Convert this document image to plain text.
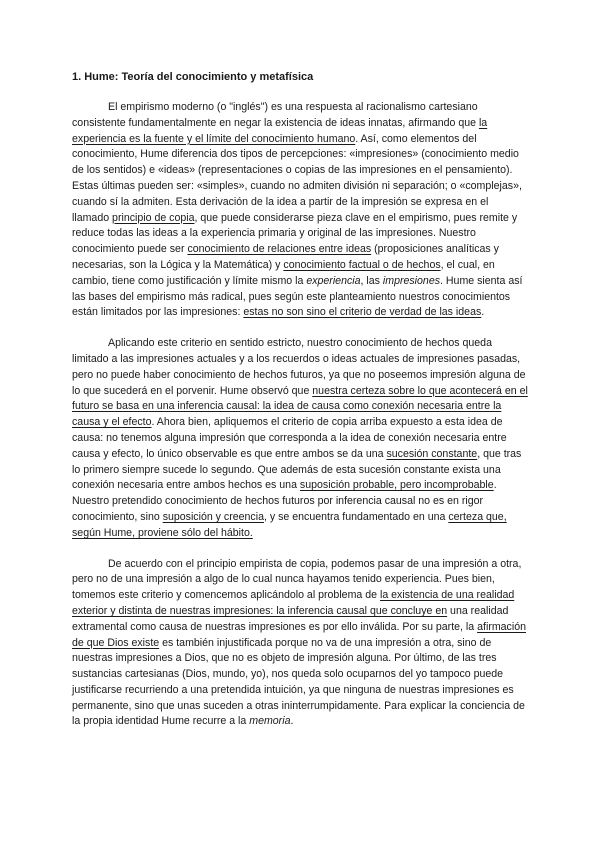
1. Hume: Teoría del conocimiento y metafísica

El empirismo moderno (o "inglés") es una respuesta al racionalismo cartesiano consistente fundamentalmente en negar la existencia de ideas innatas, afirmando que la experiencia es la fuente y el límite del conocimiento humano. Así, como elementos del conocimiento, Hume diferencia dos tipos de percepciones: «impresiones» (conocimiento medio de los sentidos) e «ideas» (representaciones o copias de las impresiones en el pensamiento). Estas últimas pueden ser: «simples», cuando no admiten división ni separación; o «complejas», cuando sí la admiten. Esta derivación de la idea a partir de la impresión se expresa en el llamado principio de copia, que puede considerarse pieza clave en el empirismo, pues remite y reduce todas las ideas a la experiencia primaria y original de las impresiones. Nuestro conocimiento puede ser conocimiento de relaciones entre ideas (proposiciones analíticas y necesarias, son la Lógica y la Matemática) y conocimiento factual o de hechos, el cual, en cambio, tiene como justificación y límite mismo la experiencia, las impresiones. Hume sienta así las bases del empirismo más radical, pues según este planteamiento nuestros conocimientos están limitados por las impresiones: estas no son sino el criterio de verdad de las ideas.

Aplicando este criterio en sentido estricto, nuestro conocimiento de hechos queda limitado a las impresiones actuales y a los recuerdos o ideas actuales de impresiones pasadas, pero no puede haber conocimiento de hechos futuros, ya que no poseemos impresión alguna de lo que sucederá en el porvenir. Hume observó que nuestra certeza sobre lo que acontecerá en el futuro se basa en una inferencia causal: la idea de causa como conexión necesaria entre la causa y el efecto. Ahora bien, apliquemos el criterio de copia arriba expuesto a esta idea de causa: no tenemos alguna impresión que corresponda a la idea de conexión necesaria entre causa y efecto, lo único observable es que entre ambos se da una sucesión constante, que tras lo primero siempre sucede lo segundo. Que además de esta sucesión constante exista una conexión necesaria entre ambos hechos es una suposición probable, pero incomprobable. Nuestro pretendido conocimiento de hechos futuros por inferencia causal no es en rigor conocimiento, sino suposición y creencia, y se encuentra fundamentado en una certeza que, según Hume, proviene sólo del hábito.

De acuerdo con el principio empirista de copia, podemos pasar de una impresión a otra, pero no de una impresión a algo de lo cual nunca hayamos tenido experiencia. Pues bien, tomemos este criterio y comencemos aplicándolo al problema de la existencia de una realidad exterior y distinta de nuestras impresiones: la inferencia causal que concluye en una realidad extramental como causa de nuestras impresiones es por ello inválida. Por su parte, la afirmación de que Dios existe es también injustificada porque no va de una impresión a otra, sino de nuestras impresiones a Dios, que no es objeto de impresión alguna. Por último, de las tres sustancias cartesianas (Dios, mundo, yo), nos queda solo ocuparnos del yo tampoco puede justificarse recurriendo a una pretendida intuición, ya que ninguna de nuestras impresiones es permanente, sino que unas suceden a otras ininterrumpidamente. Para explicar la conciencia de la propia identidad Hume recurre a la memoria.
